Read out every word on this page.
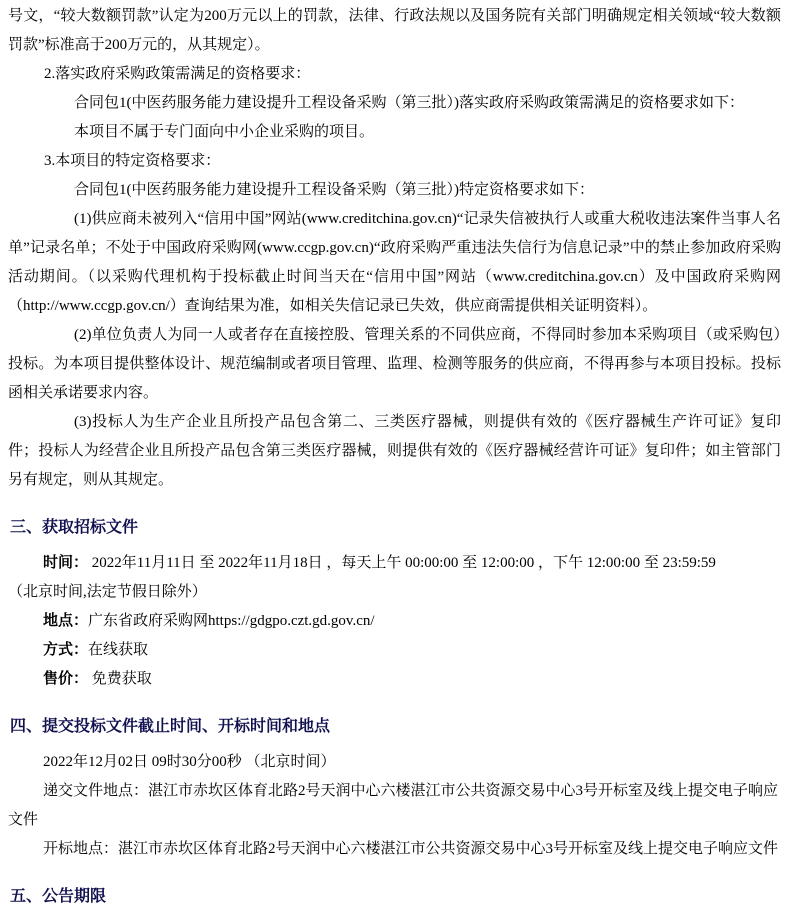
号文，“较大数额罚款”认定为200万元以上的罚款，法律、行政法规以及国务院有关部门明确规定相关领域“较大数额罚款”标准高于200万元的，从其规定）。

2.落实政府采购政策需满足的资格要求：

合同包1(中医药服务能力建设提升工程设备采购（第三批）)落实政府采购政策需满足的资格要求如下：

本项目不属于专门面向中小企业采购的项目。

3.本项目的特定资格要求：

合同包1(中医药服务能力建设提升工程设备采购（第三批）)特定资格要求如下：

(1)供应商未被列入“信用中国”网站(www.creditchina.gov.cn)“记录失信被执行人或重大税收违法案件当事人名单”记录名单；不处于中国政府采购网(www.ccgp.gov.cn)“政府采购严重违法失信行为信息记录”中的禁止参加政府采购活动期间。（以采购代理机构于投标截止时间当天在“信用中国”网站（www.creditchina.gov.cn）及中国政府采购网（http://www.ccgp.gov.cn/）查询结果为准，如相关失信记录已失效，供应商需提供相关证明资料）。

(2)单位负责人为同一人或者存在直接控股、管理关系的不同供应商，不得同时参加本采购项目（或采购包）投标。为本项目提供整体设计、规范编制或者项目管理、监理、检测等服务的供应商，不得再参与本项目投标。投标函相关承诺要求内容。

(3)投标人为生产企业且所投产品包含第二、三类医疗器械，则提供有效的《医疗器械生产许可证》复印件；投标人为经营企业且所投产品包含第三类医疗器械，则提供有效的《医疗器械经营许可证》复印件；如主管部门另有规定，则从其规定。

三、获取招标文件

时间： 2022年11月11日 至 2022年11月18日 ，每天上午 00:00:00 至 12:00:00 ，下午 12:00:00 至 23:59:59

（北京时间,法定节假日除外）

地点：广东省政府采购网https://gdgpo.czt.gd.gov.cn/

方式：在线获取

售价： 免费获取

四、提交投标文件截止时间、开标时间和地点

2022年12月02日 09时30分00秒 （北京时间）

递交文件地点：湛江市赤坎区体育北路2号天润中心六楼湛江市公共资源交易中心3号开标室及线上提交电子响应文件

开标地点：湛江市赤坎区体育北路2号天润中心六楼湛江市公共资源交易中心3号开标室及线上提交电子响应文件

五、公告期限
